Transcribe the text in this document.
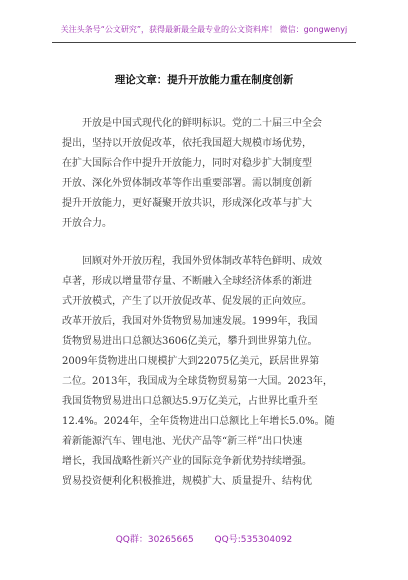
关注头条号“公文研究”，获得最新最全最专业的公文资料库！ 微信：gongwenyj
理论文章：提升开放能力重在制度创新
　　开放是中国式现代化的鲜明标识。党的二十届三中全会
提出，坚持以开放促改革，依托我国超大规模市场优势，
在扩大国际合作中提升开放能力，同时对稳步扩大制度型
开放、深化外贸体制改革等作出重要部署。需以制度创新
提升开放能力，更好凝聚开放共识，形成深化改革与扩大
开放合力。
　　回顾对外开放历程，我国外贸体制改革特色鲜明、成效
卓著，形成以增量带存量、不断融入全球经济体系的渐进
式开放模式，产生了以开放促改革、促发展的正向效应。
改革开放后，我国对外货物贸易加速发展。1999年，我国
货物贸易进出口总额达3606亿美元，攀升到世界第九位。
2009年货物进出口规模扩大到22075亿美元，跃居世界第
二位。2013年，我国成为全球货物贸易第一大国。2023年，
我国货物贸易进出口总额达5.9万亿美元，占世界比重升至
12.4%。2024年，全年货物进出口总额比上年增长5.0%。随
着新能源汽车、锂电池、光伏产品等“新三样”出口快速
增长，我国战略性新兴产业的国际竞争新优势持续增强。
贸易投资便利化积极推进，规模扩大、质量提升、结构优
QQ群：30265665 QQ号:535304092
